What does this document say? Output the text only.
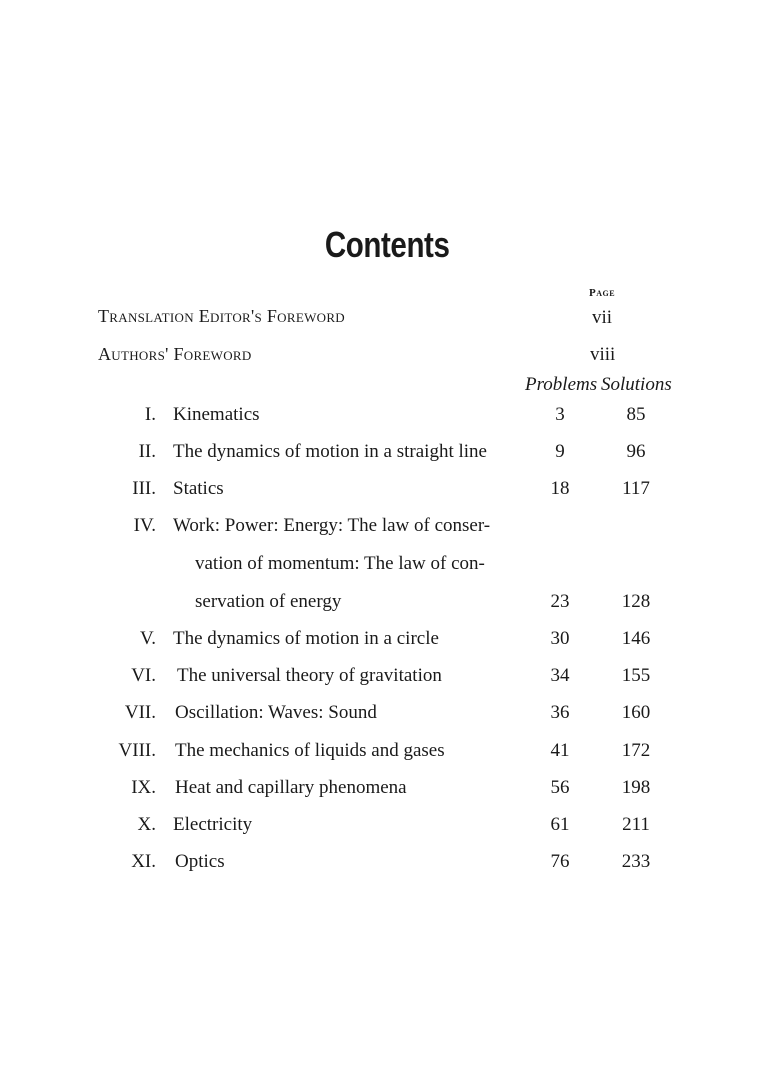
Contents
Page
Translation Editor's Foreword	vii
Authors' Foreword	viii
Problems Solutions
I. Kinematics	3	85
II. The dynamics of motion in a straight line	9	96
III. Statics	18	117
IV. Work: Power: Energy: The law of conser-
vation of momentum: The law of con-
servation of energy	23	128
V. The dynamics of motion in a circle	30	146
VI. The universal theory of gravitation	34	155
VII. Oscillation: Waves: Sound	36	160
VIII. The mechanics of liquids and gases	41	172
IX. Heat and capillary phenomena	56	198
X. Electricity	61	211
XI. Optics	76	233
